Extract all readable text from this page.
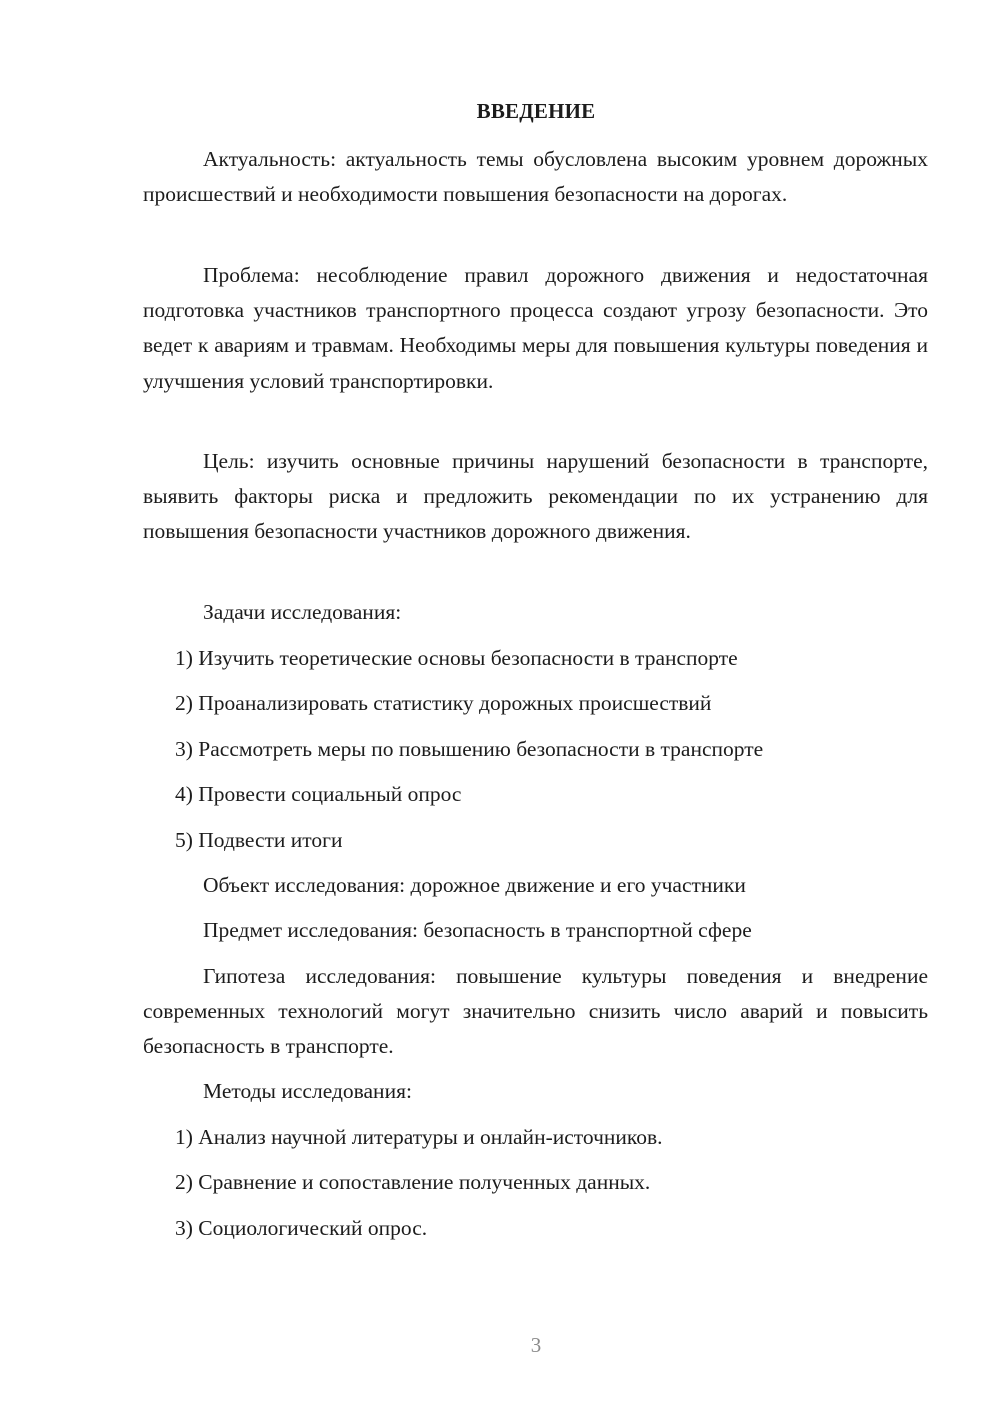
ВВЕДЕНИЕ

Актуальность: актуальность темы обусловлена высоким уровнем дорожных происшествий и необходимости повышения безопасности на дорогах.

Проблема: несоблюдение правил дорожного движения и недостаточная подготовка участников транспортного процесса создают угрозу безопасности. Это ведет к авариям и травмам. Необходимы меры для повышения культуры поведения и улучшения условий транспортировки.

Цель: изучить основные причины нарушений безопасности в транспорте, выявить факторы риска и предложить рекомендации по их устранению для повышения безопасности участников дорожного движения.

Задачи исследования:

1) Изучить теоретические основы безопасности в транспорте

2) Проанализировать статистику дорожных происшествий

3) Рассмотреть меры по повышению безопасности в транспорте

4) Провести социальный опрос

5) Подвести итоги

Объект исследования: дорожное движение и его участники

Предмет исследования: безопасность в транспортной сфере

Гипотеза исследования: повышение культуры поведения и внедрение современных технологий могут значительно снизить число аварий и повысить безопасность в транспорте.

Методы исследования:

1) Анализ научной литературы и онлайн-источников.

2) Сравнение и сопоставление полученных данных.

3) Социологический опрос.

3
